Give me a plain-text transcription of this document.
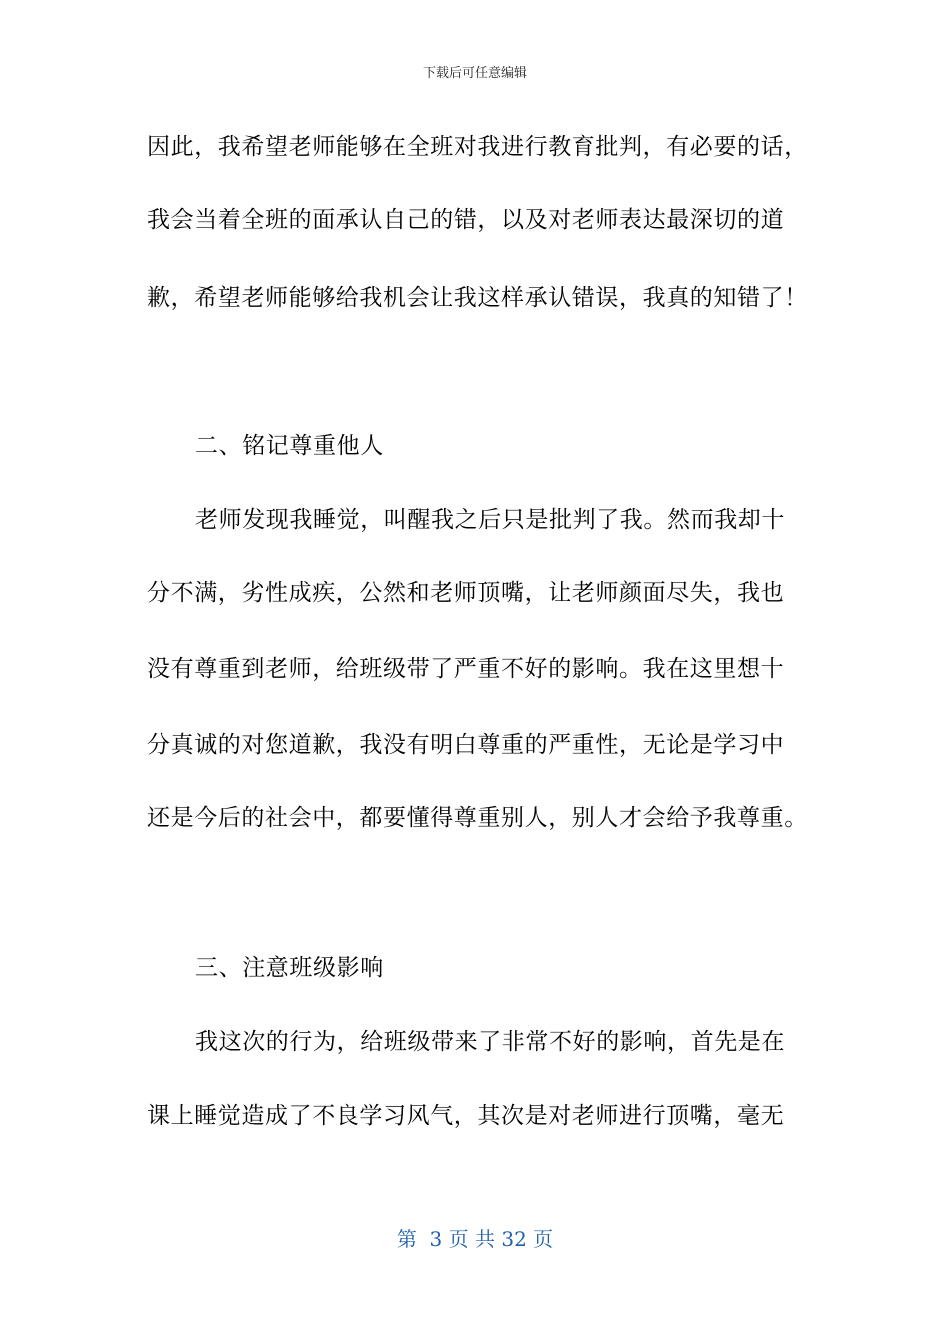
下载后可任意编辑
因此，我希望老师能够在全班对我进行教育批判，有必要的话，
我会当着全班的面承认自己的错，以及对老师表达最深切的道
歉，希望老师能够给我机会让我这样承认错误，我真的知错了！
二、铭记尊重他人
老师发现我睡觉，叫醒我之后只是批判了我。然而我却十
分不满，劣性成疾，公然和老师顶嘴，让老师颜面尽失，我也
没有尊重到老师，给班级带了严重不好的影响。我在这里想十
分真诚的对您道歉，我没有明白尊重的严重性，无论是学习中
还是今后的社会中，都要懂得尊重别人，别人才会给予我尊重。
三、注意班级影响
我这次的行为，给班级带来了非常不好的影响，首先是在
课上睡觉造成了不良学习风气，其次是对老师进行顶嘴，毫无
第  3 页 共 32 页
